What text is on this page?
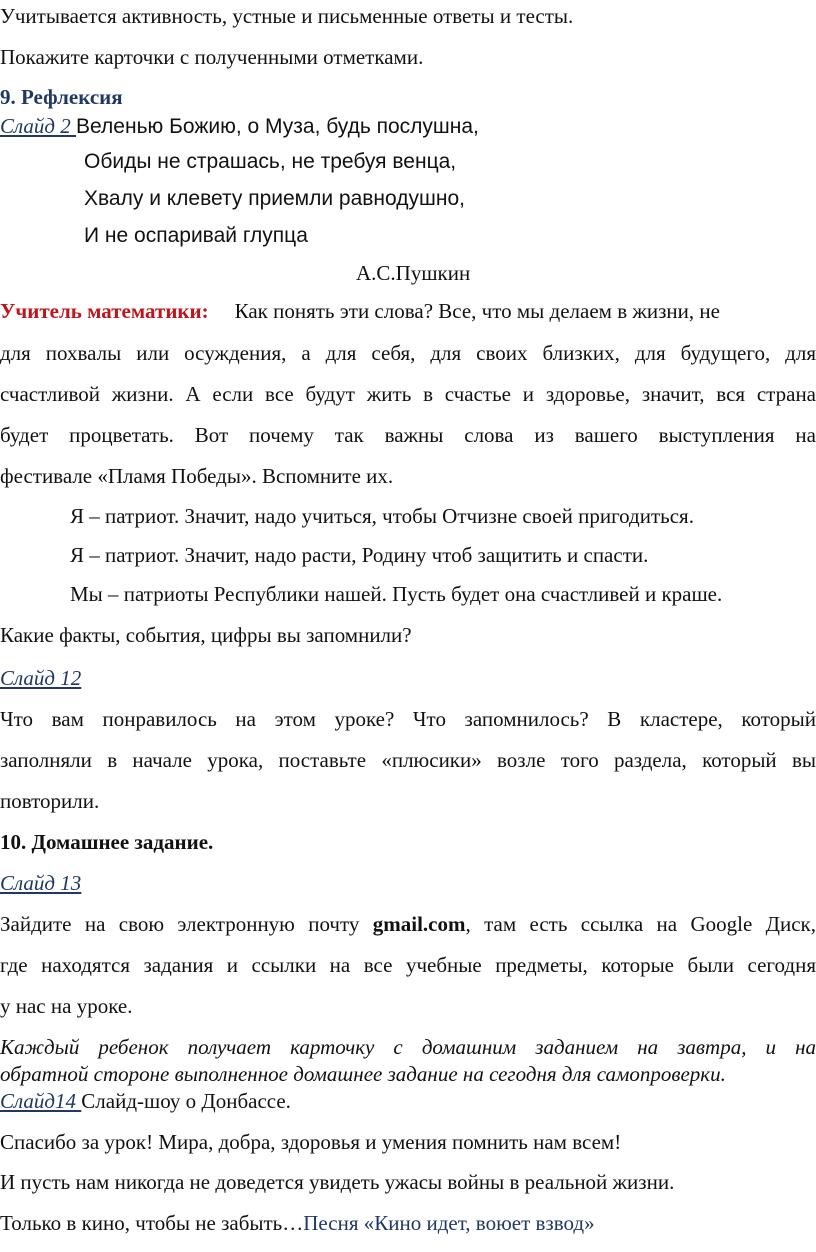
Учитывается активность, устные и письменные ответы и тесты.
Покажите карточки с полученными отметками.
9. Рефлексия
Слайд 2 Веленью Божию, о Муза, будь послушна,
Обиды не страшась, не требуя венца,
Хвалу и клевету приемли равнодушно,
И не оспаривай глупца
А.С.Пушкин
Учитель математики: Как понять эти слова? Все, что мы делаем в жизни, не
для похвалы или осуждения, а для себя, для своих близких, для будущего, для
счастливой жизни. А если все будут жить в счастье и здоровье, значит, вся страна
будет процветать. Вот почему так важны слова из вашего выступления на
фестивале «Пламя Победы». Вспомните их.
Я – патриот. Значит, надо учиться, чтобы Отчизне своей пригодиться.
Я – патриот. Значит, надо расти, Родину чтоб защитить и спасти.
Мы – патриоты Республики нашей. Пусть будет она счастливей и краше.
Какие факты, события, цифры вы запомнили?
Слайд 12
Что вам понравилось на этом уроке? Что запомнилось? В кластере, который
заполняли в начале урока, поставьте «плюсики» возле того раздела, который вы
повторили.
10. Домашнее задание.
Слайд 13
Зайдите на свою электронную почту gmail.com, там есть ссылка на Google Диск,
где находятся задания и ссылки на все учебные предметы, которые были сегодня
у нас на уроке.
Каждый ребенок получает карточку с домашним заданием на завтра, и на
обратной стороне выполненное домашнее задание на сегодня для самопроверки.
Слайд14 Слайд-шоу о Донбассе.
Спасибо за урок! Мира, добра, здоровья и умения помнить нам всем!
И пусть нам никогда не доведется увидеть ужасы войны в реальной жизни.
Только в кино, чтобы не забыть…Песня «Кино идет, воюет взвод»
